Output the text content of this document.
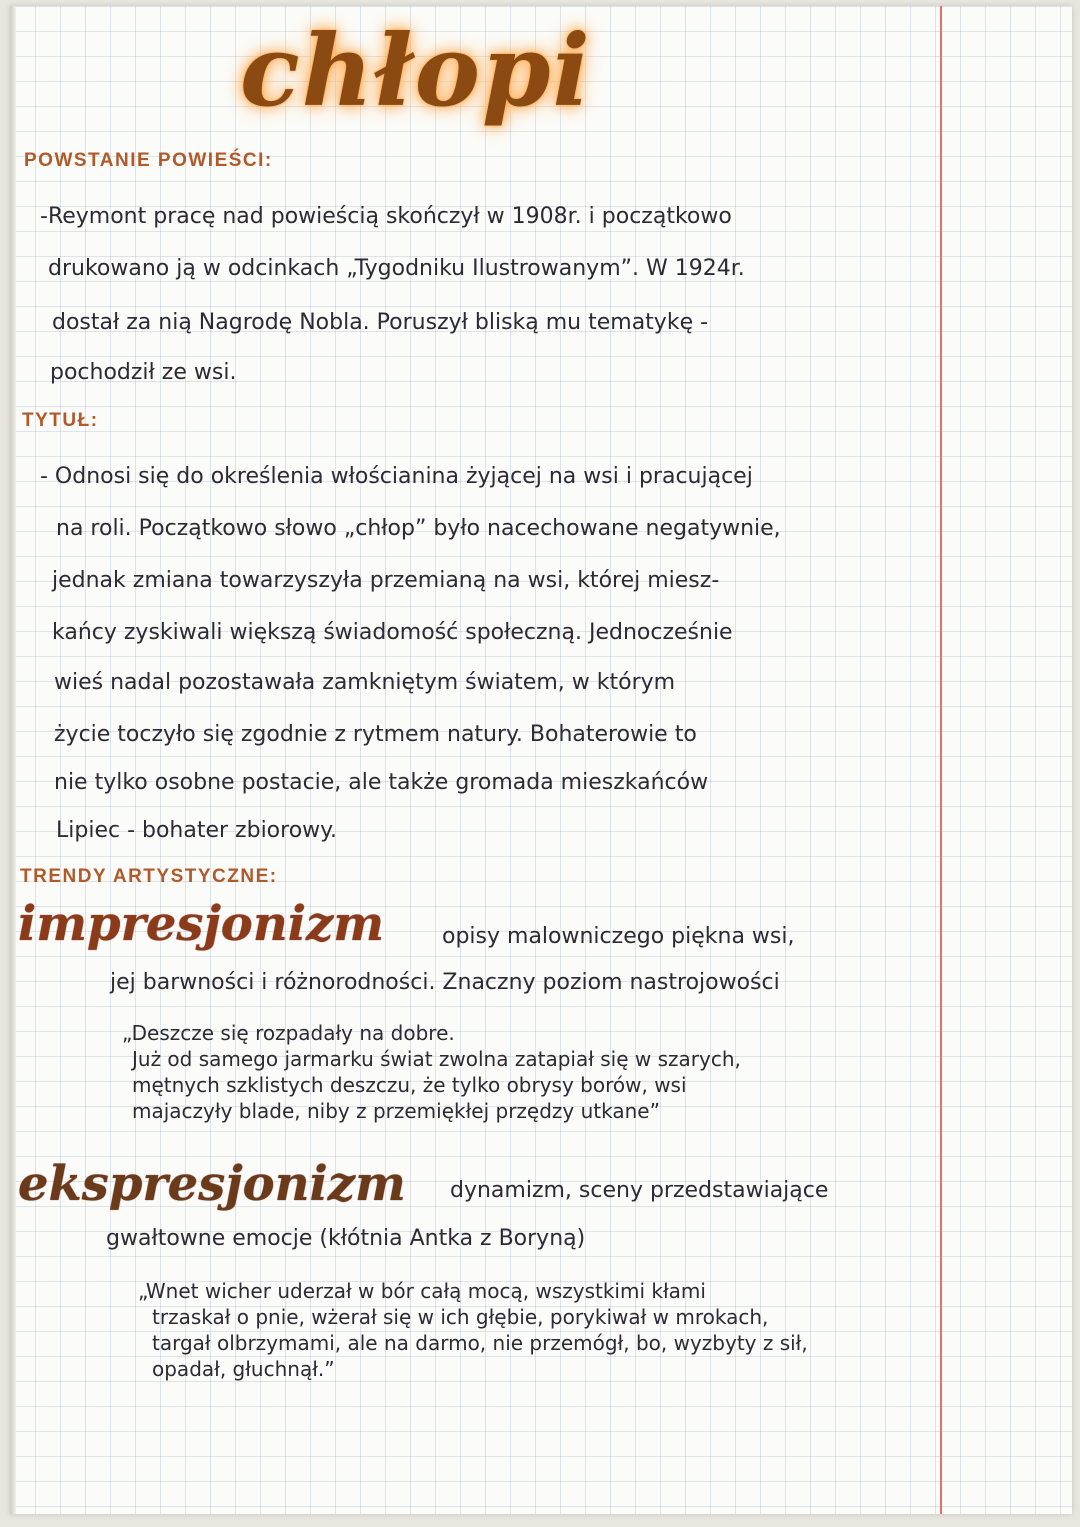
chłopi
POWSTANIE POWIEŚCI:
-Reymont pracę nad powieścią skończył w 1908r. i początkowo
drukowano ją w odcinkach „Tygodniku Ilustrowanym”. W 1924r.
dostał za nią Nagrodę Nobla. Poruszył bliską mu tematykę -
pochodził ze wsi.
TYTUŁ:
- Odnosi się do określenia włościanina żyjącej na wsi i pracującej
na roli. Początkowo słowo „chłop” było nacechowane negatywnie,
jednak zmiana towarzyszyła przemianą na wsi, której miesz-
kańcy zyskiwali większą świadomość społeczną. Jednocześnie
wieś nadal pozostawała zamkniętym światem, w którym
życie toczyło się zgodnie z rytmem natury. Bohaterowie to
nie tylko osobne postacie, ale także gromada mieszkańców
Lipiec - bohater zbiorowy.
TRENDY ARTYSTYCZNE:
impresjonizm	opisy malowniczego piękna wsi,
jej barwności i różnorodności. Znaczny poziom nastrojowości
„Deszcze się rozpadały na dobre.
Już od samego jarmarku świat zwolna zatapiał się w szarych,
mętnych szklistych deszczu, że tylko obrysy borów, wsi
majaczyły blade, niby z przemiękłej przędzy utkane”
ekspresjonizm dynamizm, sceny przedstawiające
gwałtowne emocje (kłótnia Antka z Boryną)
„Wnet wicher uderzał w bór całą mocą, wszystkimi kłami
trzaskał o pnie, wżerał się w ich głębie, porykiwał w mrokach,
targał olbrzymami, ale na darmo, nie przemógł, bo, wyzbyty z sił,
opadał, głuchnął.”
